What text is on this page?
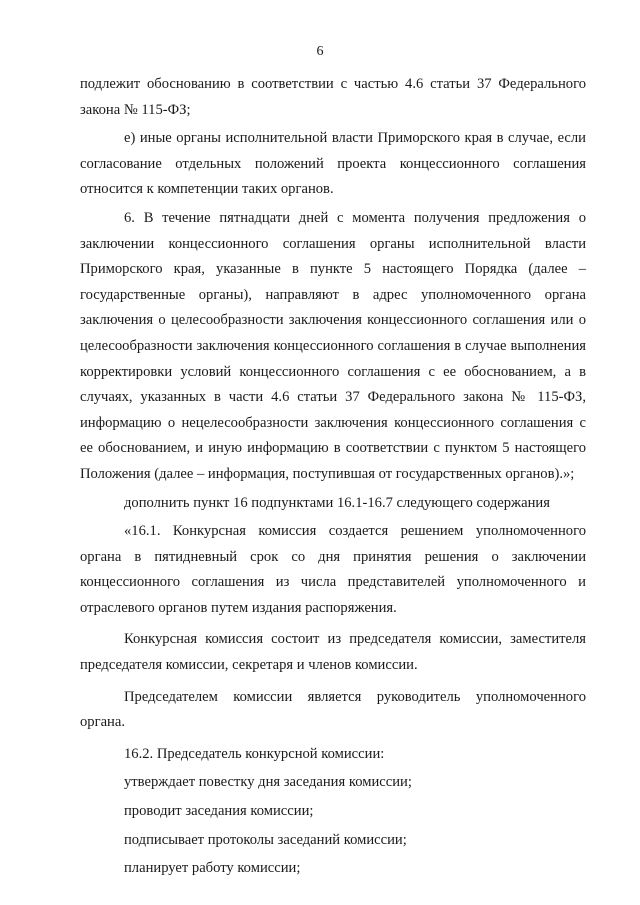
6

подлежит обоснованию в соответствии с частью 4.6 статьи 37 Федерального закона № 115-ФЗ;

е) иные органы исполнительной власти Приморского края в случае, если согласование отдельных положений проекта концессионного соглашения относится к компетенции таких органов.

6. В течение пятнадцати дней с момента получения предложения о заключении концессионного соглашения органы исполнительной власти Приморского края, указанные в пункте 5 настоящего Порядка (далее – государственные органы), направляют в адрес уполномоченного органа заключения о целесообразности заключения концессионного соглашения или о целесообразности заключения концессионного соглашения в случае выполнения корректировки условий концессионного соглашения с ее обоснованием, а в случаях, указанных в части 4.6 статьи 37 Федерального закона № 115-ФЗ, информацию о нецелесообразности заключения концессионного соглашения с ее обоснованием, и иную информацию в соответствии с пунктом 5 настоящего Положения (далее – информация, поступившая от государственных органов).»;

дополнить пункт 16 подпунктами 16.1-16.7 следующего содержания

«16.1. Конкурсная комиссия создается решением уполномоченного органа в пятидневный срок со дня принятия решения о заключении концессионного соглашения из числа представителей уполномоченного и отраслевого органов путем издания распоряжения.

Конкурсная комиссия состоит из председателя комиссии, заместителя председателя комиссии, секретаря и членов комиссии.

Председателем комиссии является руководитель уполномоченного органа.

16.2. Председатель конкурсной комиссии:

утверждает повестку дня заседания комиссии;

проводит заседания комиссии;

подписывает протоколы заседаний комиссии;

планирует работу комиссии;
